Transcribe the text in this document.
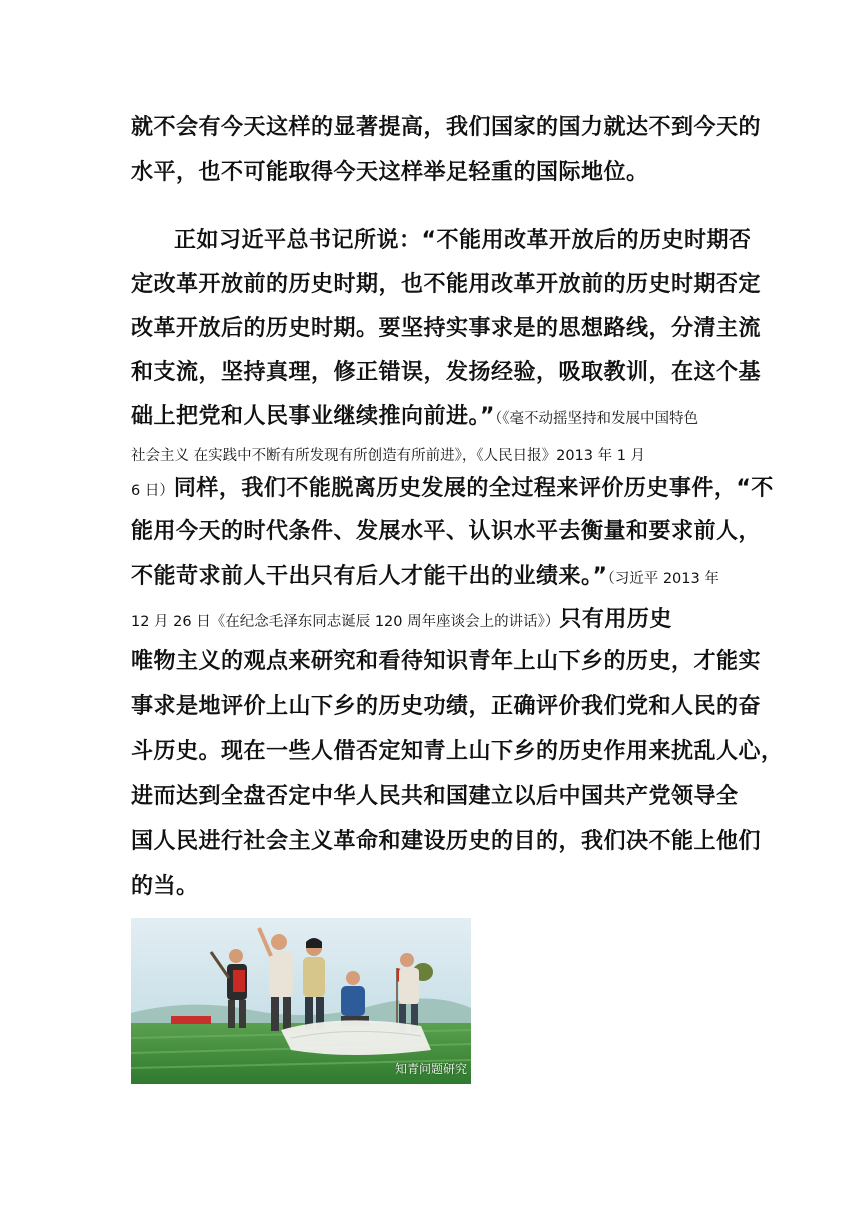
就不会有今天这样的显著提高，我们国家的国力就达不到今天的
水平，也不可能取得今天这样举足轻重的国际地位。
正如习近平总书记所说：“不能用改革开放后的历史时期否
定改革开放前的历史时期，也不能用改革开放前的历史时期否定
改革开放后的历史时期。要坚持实事求是的思想路线，分清主流
和支流，坚持真理，修正错误，发扬经验，吸取教训，在这个基
础上把党和人民事业继续推向前进。”（《毫不动摇坚持和发展中国特色
社会主义 在实践中不断有所发现有所创造有所前进》，《人民日报》2013 年 1 月
6 日）同样，我们不能脱离历史发展的全过程来评价历史事件，“不
能用今天的时代条件、发展水平、认识水平去衡量和要求前人，
不能苛求前人干出只有后人才能干出的业绩来。”（习近平 2013 年
12 月 26 日《在纪念毛泽东同志诞辰 120 周年座谈会上的讲话》）只有用历史
唯物主义的观点来研究和看待知识青年上山下乡的历史，才能实
事求是地评价上山下乡的历史功绩，正确评价我们党和人民的奋
斗历史。现在一些人借否定知青上山下乡的历史作用来扰乱人心，
进而达到全盘否定中华人民共和国建立以后中国共产党领导全
国人民进行社会主义革命和建设历史的目的，我们决不能上他们
的当。
知青问题研究
